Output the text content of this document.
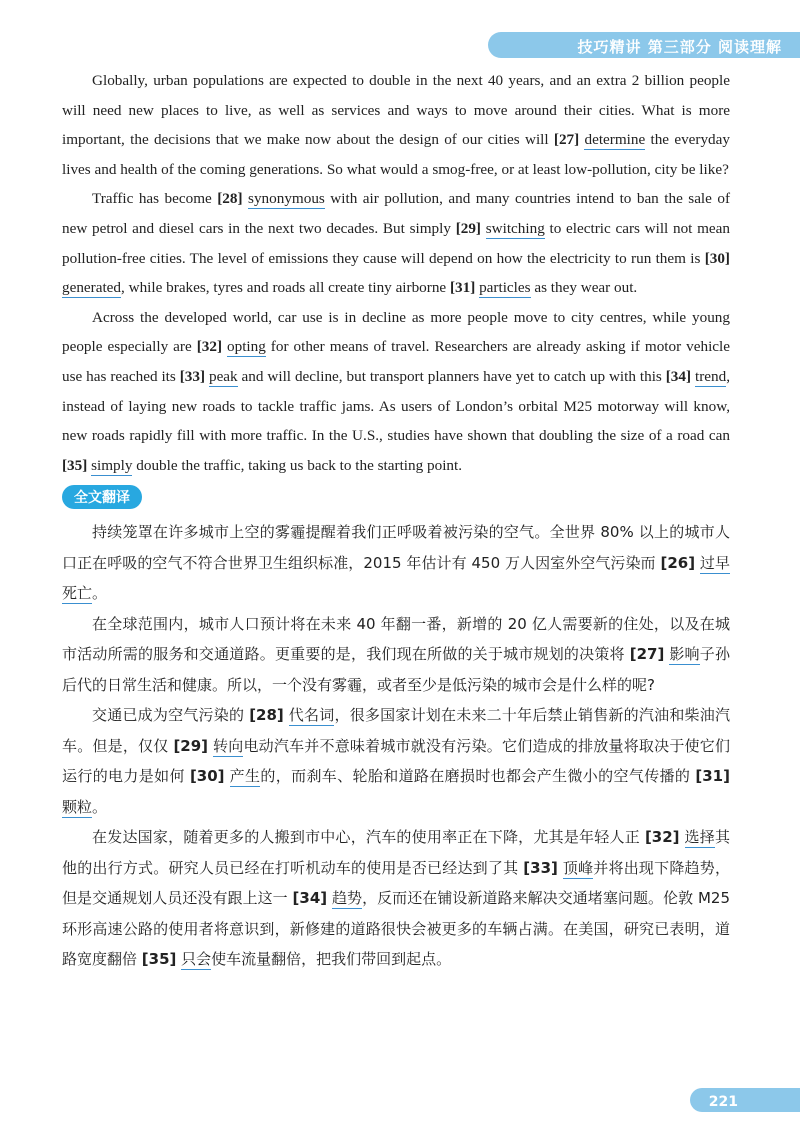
技巧精讲 第三部分 阅读理解

Globally, urban populations are expected to double in the next 40 years, and an extra 2 billion people will need new places to live, as well as services and ways to move around their cities. What is more important, the decisions that we make now about the design of our cities will [27] determine the everyday lives and health of the coming generations. So what would a smog-free, or at least low-pollution, city be like?

Traffic has become [28] synonymous with air pollution, and many countries intend to ban the sale of new petrol and diesel cars in the next two decades. But simply [29] switching to electric cars will not mean pollution-free cities. The level of emissions they cause will depend on how the electricity to run them is [30] generated, while brakes, tyres and roads all create tiny airborne [31] particles as they wear out.

Across the developed world, car use is in decline as more people move to city centres, while young people especially are [32] opting for other means of travel. Researchers are already asking if motor vehicle use has reached its [33] peak and will decline, but transport planners have yet to catch up with this [34] trend, instead of laying new roads to tackle traffic jams. As users of London’s orbital M25 motorway will know, new roads rapidly fill with more traffic. In the U.S., studies have shown that doubling the size of a road can [35] simply double the traffic, taking us back to the starting point.

全文翻译

持续笼罩在许多城市上空的雾霾提醒着我们正呼吸着被污染的空气。全世界 80% 以上的城市人口正在呼吸的空气不符合世界卫生组织标准，2015 年估计有 450 万人因室外空气污染而 [26] 过早死亡。

在全球范围内，城市人口预计将在未来 40 年翻一番，新增的 20 亿人需要新的住处，以及在城市活动所需的服务和交通道路。更重要的是，我们现在所做的关于城市规划的决策将 [27] 影响子孙后代的日常生活和健康。所以，一个没有雾霾，或者至少是低污染的城市会是什么样的呢?

交通已成为空气污染的 [28] 代名词，很多国家计划在未来二十年后禁止销售新的汽油和柴油汽车。但是，仅仅 [29] 转向电动汽车并不意味着城市就没有污染。它们造成的排放量将取决于使它们运行的电力是如何 [30] 产生的，而刹车、轮胎和道路在磨损时也都会产生微小的空气传播的 [31] 颗粒。

在发达国家，随着更多的人搬到市中心，汽车的使用率正在下降，尤其是年轻人正 [32] 选择其他的出行方式。研究人员已经在打听机动车的使用是否已经达到了其 [33] 顶峰并将出现下降趋势，但是交通规划人员还没有跟上这一 [34] 趋势，反而还在铺设新道路来解决交通堵塞问题。伦敦 M25 环形高速公路的使用者将意识到，新修建的道路很快会被更多的车辆占满。在美国，研究已表明，道路宽度翻倍 [35] 只会使车流量翻倍，把我们带回到起点。

221
